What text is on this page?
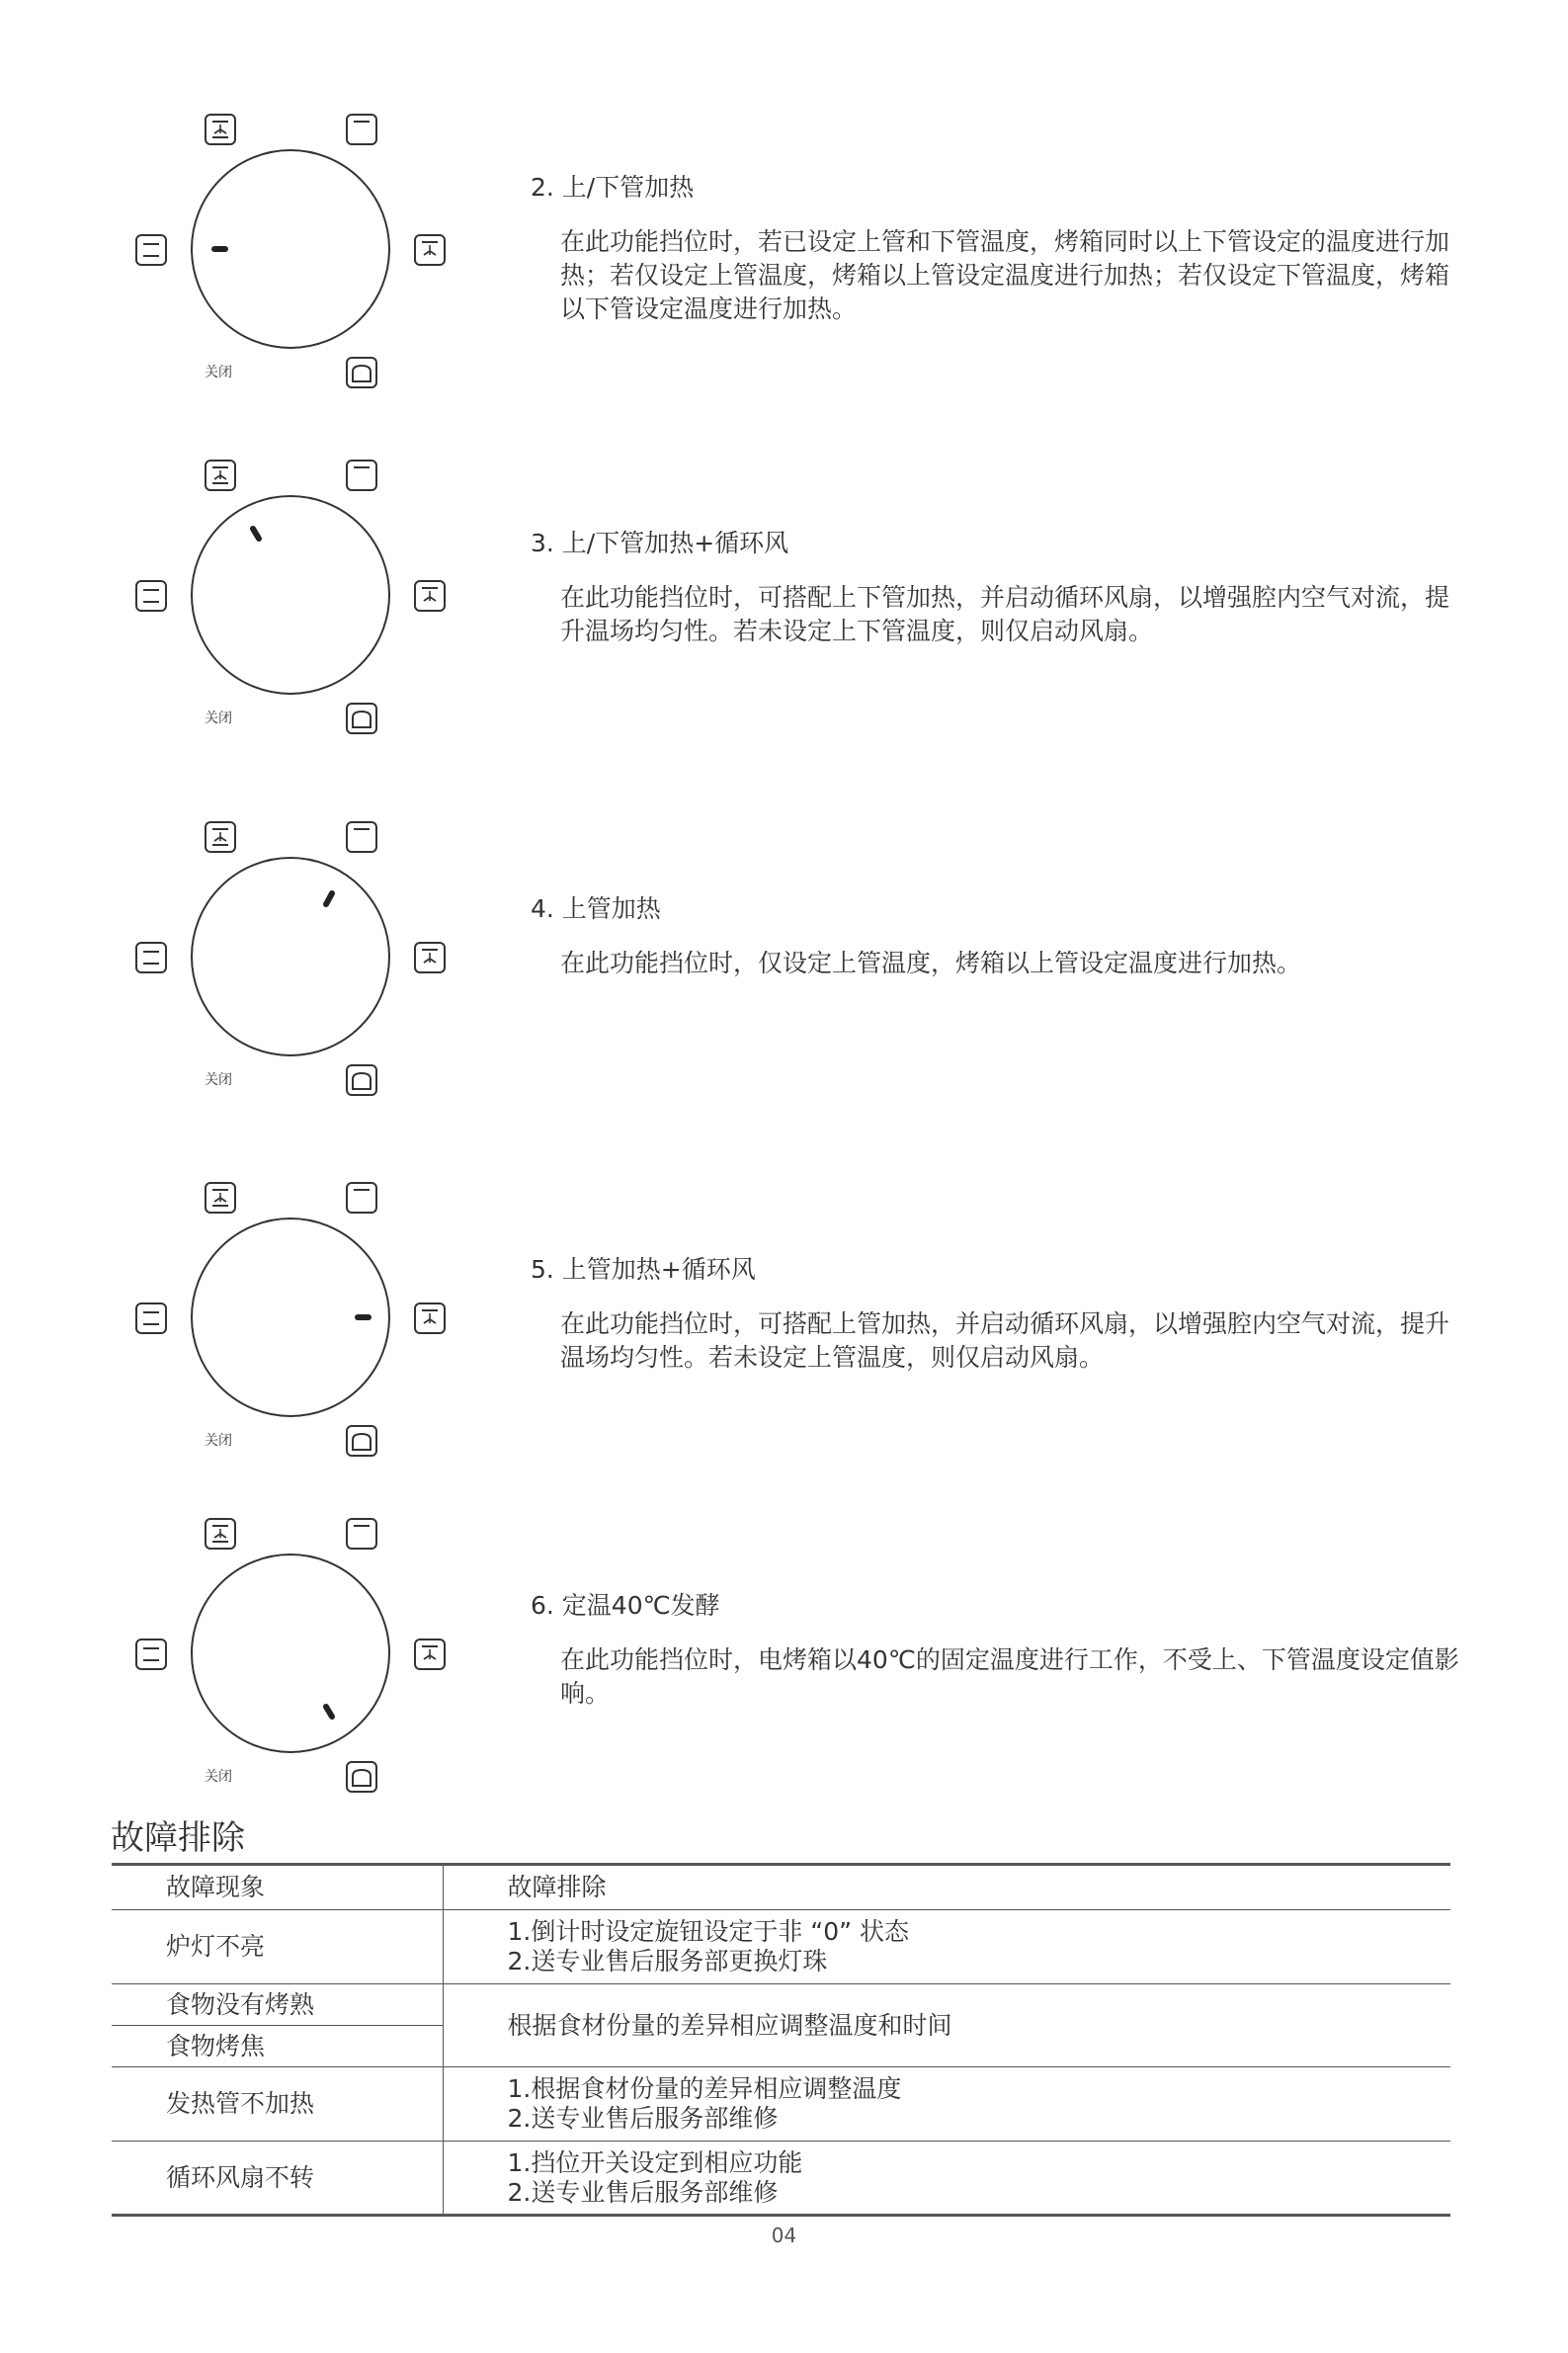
关闭

2. 上/下管加热

在此功能挡位时，若已设定上管和下管温度，烤箱同时以上下管设定的温度进行加热；若仅设定上管温度，烤箱以上管设定温度进行加热；若仅设定下管温度，烤箱以下管设定温度进行加热。

关闭

3. 上/下管加热+循环风

在此功能挡位时，可搭配上下管加热，并启动循环风扇，以增强腔内空气对流，提升温场均匀性。若未设定上下管温度，则仅启动风扇。

关闭

4. 上管加热

在此功能挡位时，仅设定上管温度，烤箱以上管设定温度进行加热。

关闭

5. 上管加热+循环风

在此功能挡位时，可搭配上管加热，并启动循环风扇，以增强腔内空气对流，提升温场均匀性。若未设定上管温度，则仅启动风扇。

关闭

6. 定温40℃发酵

在此功能挡位时，电烤箱以40℃的固定温度进行工作，不受上、下管温度设定值影响。

故障排除
故障现象	故障排除
炉灯不亮	1.倒计时设定旋钮设定于非 “0” 状态
2.送专业售后服务部更换灯珠

食物没有烤熟	根据食材份量的差异相应调整温度和时间

食物烤焦	
发热管不加热	1.根据食材份量的差异相应调整温度
2.送专业售后服务部维修

循环风扇不转	1.挡位开关设定到相应功能
2.送专业售后服务部维修
04
